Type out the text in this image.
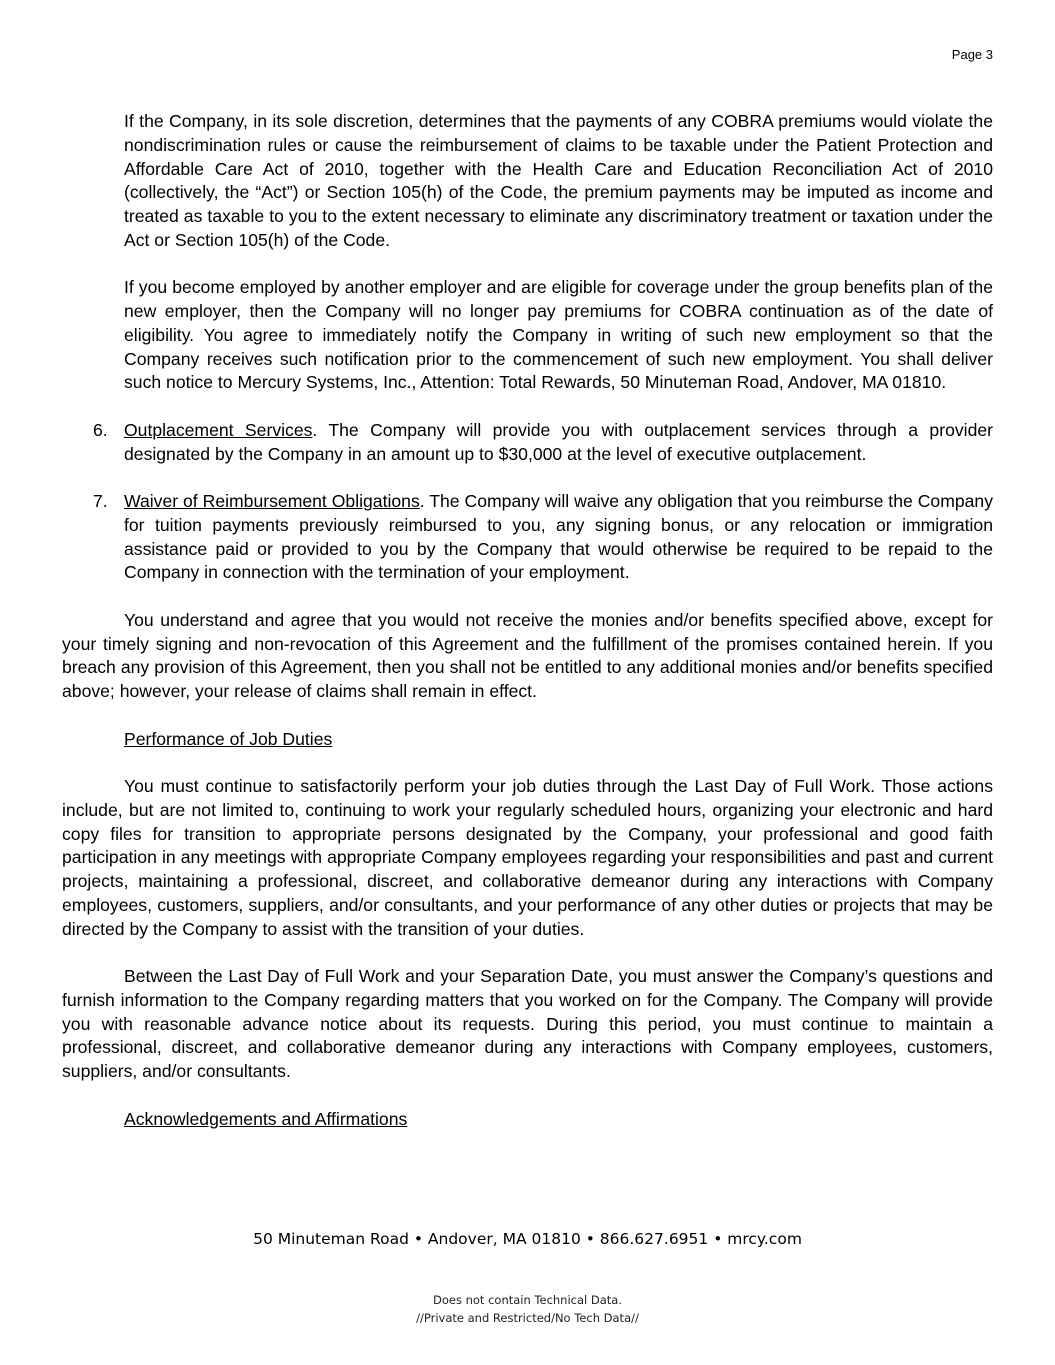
Page 3

If the Company, in its sole discretion, determines that the payments of any COBRA premiums would violate the nondiscrimination rules or cause the reimbursement of claims to be taxable under the Patient Protection and Affordable Care Act of 2010, together with the Health Care and Education Reconciliation Act of 2010 (collectively, the “Act”) or Section 105(h) of the Code, the premium payments may be imputed as income and treated as taxable to you to the extent necessary to eliminate any discriminatory treatment or taxation under the Act or Section 105(h) of the Code.

If you become employed by another employer and are eligible for coverage under the group benefits plan of the new employer, then the Company will no longer pay premiums for COBRA continuation as of the date of eligibility. You agree to immediately notify the Company in writing of such new employment so that the Company receives such notification prior to the commencement of such new employment. You shall deliver such notice to Mercury Systems, Inc., Attention: Total Rewards, 50 Minuteman Road, Andover, MA 01810.

6. Outplacement Services. The Company will provide you with outplacement services through a provider designated by the Company in an amount up to $30,000 at the level of executive outplacement.

7. Waiver of Reimbursement Obligations. The Company will waive any obligation that you reimburse the Company for tuition payments previously reimbursed to you, any signing bonus, or any relocation or immigration assistance paid or provided to you by the Company that would otherwise be required to be repaid to the Company in connection with the termination of your employment.

You understand and agree that you would not receive the monies and/or benefits specified above, except for your timely signing and non-revocation of this Agreement and the fulfillment of the promises contained herein. If you breach any provision of this Agreement, then you shall not be entitled to any additional monies and/or benefits specified above; however, your release of claims shall remain in effect.

Performance of Job Duties

You must continue to satisfactorily perform your job duties through the Last Day of Full Work. Those actions include, but are not limited to, continuing to work your regularly scheduled hours, organizing your electronic and hard copy files for transition to appropriate persons designated by the Company, your professional and good faith participation in any meetings with appropriate Company employees regarding your responsibilities and past and current projects, maintaining a professional, discreet, and collaborative demeanor during any interactions with Company employees, customers, suppliers, and/or consultants, and your performance of any other duties or projects that may be directed by the Company to assist with the transition of your duties.

Between the Last Day of Full Work and your Separation Date, you must answer the Company’s questions and furnish information to the Company regarding matters that you worked on for the Company. The Company will provide you with reasonable advance notice about its requests. During this period, you must continue to maintain a professional, discreet, and collaborative demeanor during any interactions with Company employees, customers, suppliers, and/or consultants.

Acknowledgements and Affirmations

50 Minuteman Road • Andover, MA 01810 • 866.627.6951 • mrcy.com
Does not contain Technical Data.
//Private and Restricted/No Tech Data//
